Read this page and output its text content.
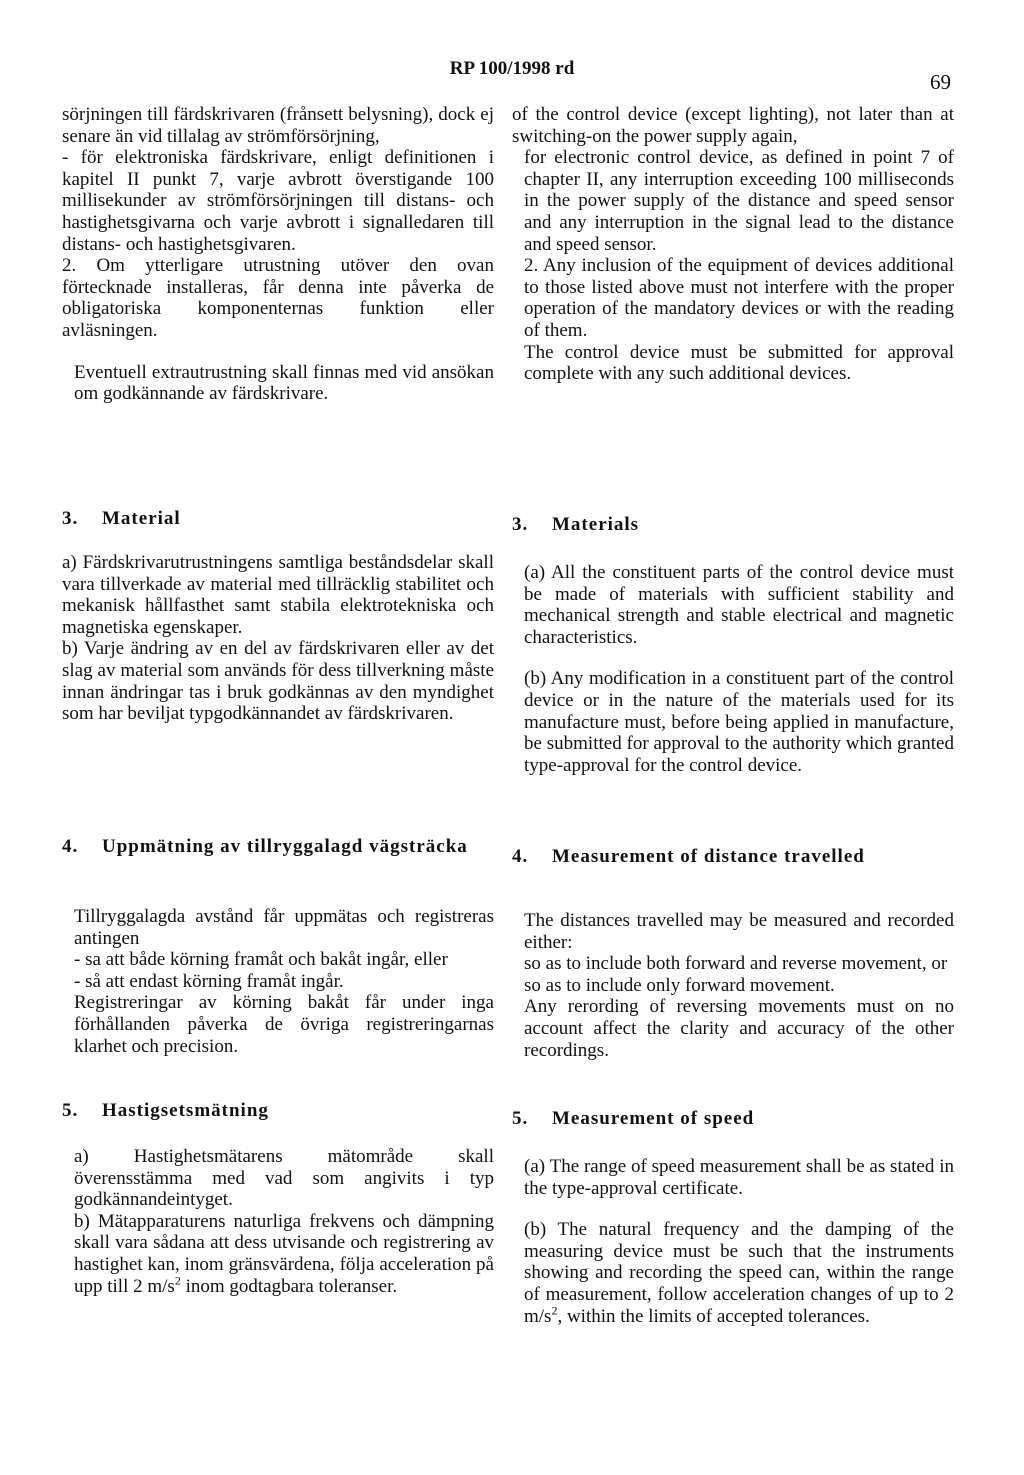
RP 100/1998 rd
69

sörjningen till färdskrivaren (frånsett belysning), dock ej senare än vid tillalag av strömförsörjning,

- för elektroniska färdskrivare, enligt definitionen i kapitel II punkt 7, varje avbrott överstigande 100 millisekunder av strömförsörjningen till distans- och hastighetsgivarna och varje avbrott i signalledaren till distans- och hastighetsgivaren.

2. Om ytterligare utrustning utöver den ovan förtecknade installeras, får denna inte påverka de obligatoriska komponenternas funktion eller avläsningen.

Eventuell extrautrustning skall finnas med vid ansökan om godkännande av färdskrivare.

of the control device (except lighting), not later than at switching-on the power supply again,

for electronic control device, as defined in point 7 of chapter II, any interruption exceeding 100 milliseconds in the power supply of the distance and speed sensor and any interruption in the signal lead to the distance and speed sensor.

2. Any inclusion of the equipment of devices additional to those listed above must not interfere with the proper operation of the mandatory devices or with the reading of them.

The control device must be submitted for approval complete with any such additional devices.

3. Material	3. Materials

a) Färdskrivarutrustningens samtliga beståndsdelar skall vara tillverkade av material med tillräcklig stabilitet och mekanisk hållfasthet samt stabila elektrotekniska och magnetiska egenskaper.

b) Varje ändring av en del av färdskrivaren eller av det slag av material som används för dess tillverkning måste innan ändringar tas i bruk godkännas av den myndighet som har beviljat typgodkännandet av färdskrivaren.

(a) All the constituent parts of the control device must be made of materials with sufficient stability and mechanical strength and stable electrical and magnetic characteristics.

(b) Any modification in a constituent part of the control device or in the nature of the materials used for its manufacture must, before being applied in manufacture, be submitted for approval to the authority which granted type-approval for the control device.

4.	Uppmätning av tillryggalagd vägsträcka	4. Measurement of distance travelled

Tillryggalagda avstånd får uppmätas och registreras antingen

- sa att både körning framåt och bakåt ingår, eller

- så att endast körning framåt ingår.

Registreringar av körning bakåt får under inga förhållanden påverka de övriga registreringarnas klarhet och precision.

The distances travelled may be measured and recorded either:

so as to include both forward and reverse movement, or

so as to include only forward movement.

Any rerording of reversing movements must on no account affect the clarity and accuracy of the other recordings.

5. Hastigsetsmätning	5. Measurement of speed

a) Hastighetsmätarens mätområde skall överensstämma med vad som angivits i typ godkännandeintyget.

b) Mätapparaturens naturliga frekvens och dämpning skall vara sådana att dess utvisande och registrering av hastighet kan, inom gränsvärdena, följa acceleration på upp till 2 $m/s^2$ inom godtagbara toleranser.

(a) The range of speed measurement shall be as stated in the type-approval certificate.

(b) The natural frequency and the damping of the measuring device must be such that the instruments showing and recording the speed can, within the range of measurement, follow acceleration changes of up to 2 $m/s^2$, within the limits of accepted tolerances.
